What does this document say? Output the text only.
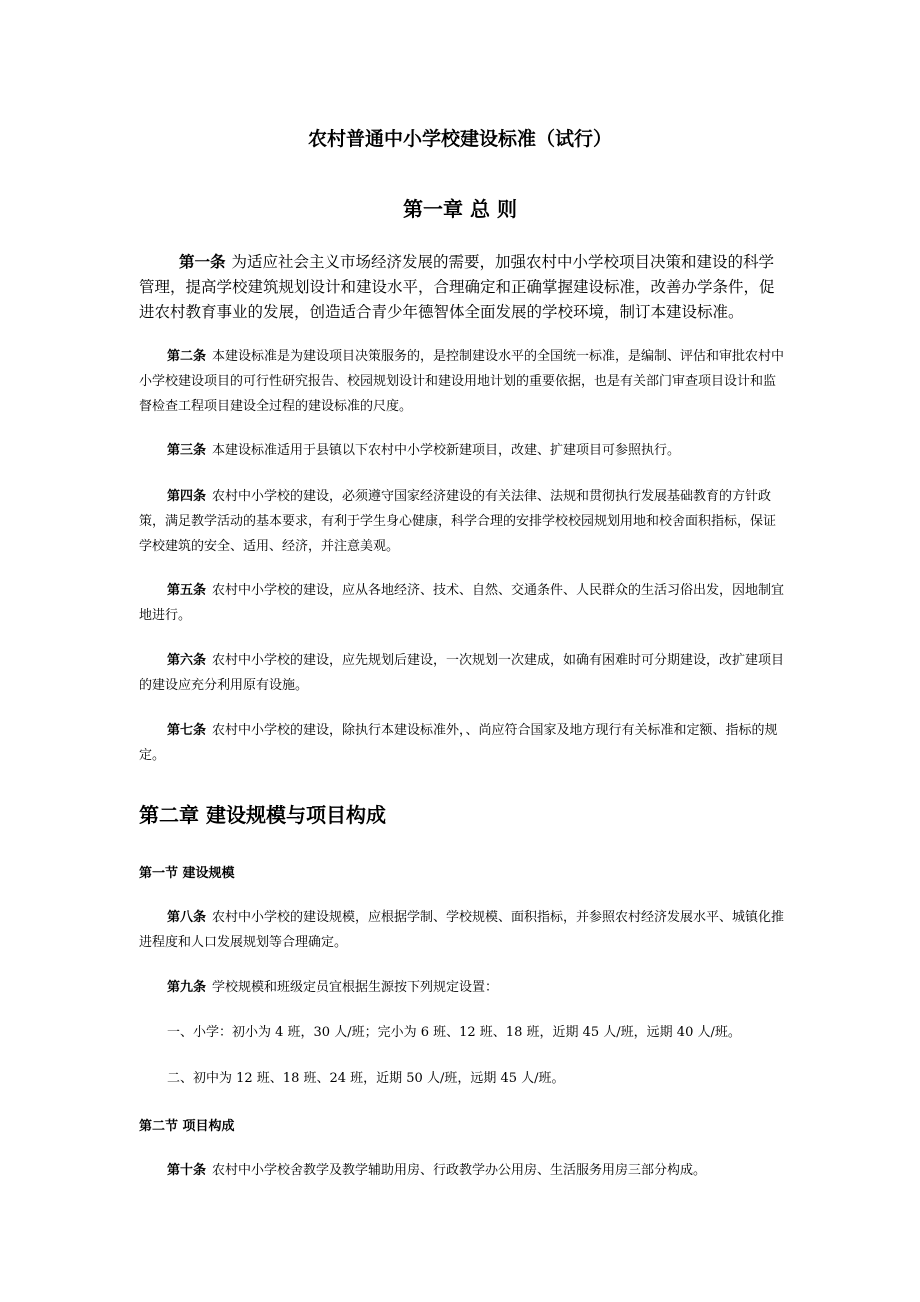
农村普通中小学校建设标准（试行）
第一章 总 则

第一条 为适应社会主义市场经济发展的需要，加强农村中小学校项目决策和建设的科学管理，提高学校建筑规划设计和建设水平，合理确定和正确掌握建设标准，改善办学条件，促进农村教育事业的发展，创造适合青少年德智体全面发展的学校环境，制订本建设标准。

第二条 本建设标准是为建设项目决策服务的，是控制建设水平的全国统一标准，是编制、评估和审批农村中小学校建设项目的可行性研究报告、校园规划设计和建设用地计划的重要依据，也是有关部门审查项目设计和监督检查工程项目建设全过程的建设标准的尺度。

第三条 本建设标准适用于县镇以下农村中小学校新建项目，改建、扩建项目可参照执行。

第四条 农村中小学校的建设，必须遵守国家经济建设的有关法律、法规和贯彻执行发展基础教育的方针政策，满足教学活动的基本要求，有利于学生身心健康，科学合理的安排学校校园规划用地和校舍面积指标，保证学校建筑的安全、适用、经济，并注意美观。

第五条 农村中小学校的建设，应从各地经济、技术、自然、交通条件、人民群众的生活习俗出发，因地制宜地进行。

第六条 农村中小学校的建设，应先规划后建设，一次规划一次建成，如确有困难时可分期建设，改扩建项目的建设应充分利用原有设施。

第七条 农村中小学校的建设，除执行本建设标准外，、尚应符合国家及地方现行有关标准和定额、指标的规定。

第二章 建设规模与项目构成
第一节 建设规模

第八条 农村中小学校的建设规模，应根据学制、学校规模、面积指标，并参照农村经济发展水平、城镇化推进程度和人口发展规划等合理确定。

第九条 学校规模和班级定员宜根据生源按下列规定设置：

一、小学：初小为 4 班，30 人/班；完小为 6 班、12 班、18 班，近期 45 人/班，远期 40 人/班。

二、初中为 12 班、18 班、24 班，近期 50 人/班，远期 45 人/班。

第二节 项目构成

第十条 农村中小学校舍教学及教学辅助用房、行政教学办公用房、生活服务用房三部分构成。
